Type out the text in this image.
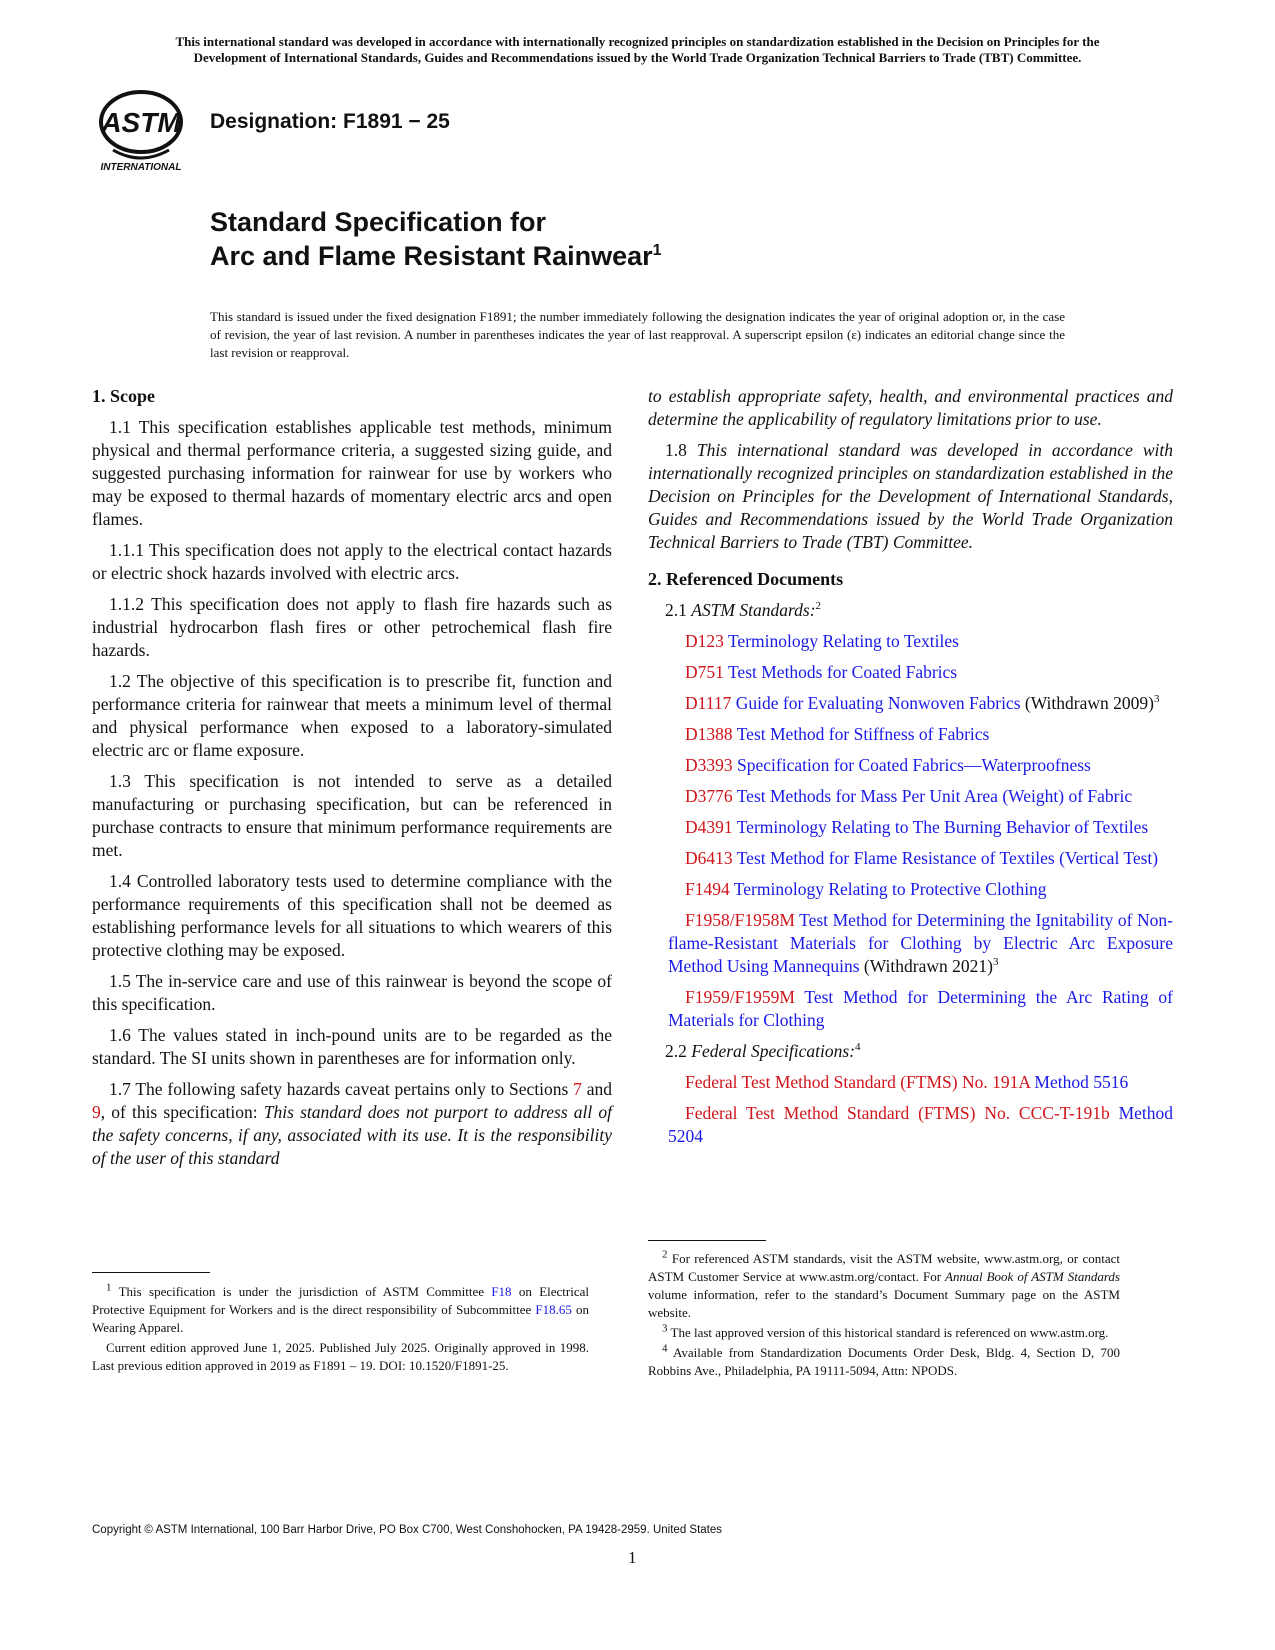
This international standard was developed in accordance with internationally recognized principles on standardization established in the Decision on Principles for the
Development of International Standards, Guides and Recommendations issued by the World Trade Organization Technical Barriers to Trade (TBT) Committee.
ASTM
INTERNATIONAL
Designation: F1891 − 25
Standard Specification for
Arc and Flame Resistant Rainwear$^1$
This standard is issued under the fixed designation F1891; the number immediately following the designation indicates the year of original adoption or, in the case of revision, the year of last revision. A number in parentheses indicates the year of last reapproval. A superscript epsilon (ε) indicates an editorial change since the last revision or reapproval.
1. Scope

1.1 This specification establishes applicable test methods, minimum physical and thermal performance criteria, a suggested sizing guide, and suggested purchasing information for rainwear for use by workers who may be exposed to thermal hazards of momentary electric arcs and open flames.

1.1.1 This specification does not apply to the electrical contact hazards or electric shock hazards involved with electric arcs.

1.1.2 This specification does not apply to flash fire hazards such as industrial hydrocarbon flash fires or other petrochemical flash fire hazards.

1.2 The objective of this specification is to prescribe fit, function and performance criteria for rainwear that meets a minimum level of thermal and physical performance when exposed to a laboratory-simulated electric arc or flame exposure.

1.3 This specification is not intended to serve as a detailed manufacturing or purchasing specification, but can be referenced in purchase contracts to ensure that minimum performance requirements are met.

1.4 Controlled laboratory tests used to determine compliance with the performance requirements of this specification shall not be deemed as establishing performance levels for all situations to which wearers of this protective clothing may be exposed.

1.5 The in-service care and use of this rainwear is beyond the scope of this specification.

1.6 The values stated in inch-pound units are to be regarded as the standard. The SI units shown in parentheses are for information only.

1.7 The following safety hazards caveat pertains only to Sections 7 and 9, of this specification: This standard does not purport to address all of the safety concerns, if any, associated with its use. It is the responsibility of the user of this standard

$^1$ This specification is under the jurisdiction of ASTM Committee F18 on Electrical Protective Equipment for Workers and is the direct responsibility of Subcommittee F18.65 on Wearing Apparel.

Current edition approved June 1, 2025. Published July 2025. Originally approved in 1998. Last previous edition approved in 2019 as F1891 – 19. DOI: 10.1520/F1891-25.

to establish appropriate safety, health, and environmental practices and determine the applicability of regulatory limitations prior to use.

1.8 This international standard was developed in accordance with internationally recognized principles on standardization established in the Decision on Principles for the Development of International Standards, Guides and Recommendations issued by the World Trade Organization Technical Barriers to Trade (TBT) Committee.

2. Referenced Documents

2.1 ASTM Standards:$^2$

D123 Terminology Relating to Textiles

D751 Test Methods for Coated Fabrics

D1117 Guide for Evaluating Nonwoven Fabrics (Withdrawn 2009)$^3$

D1388 Test Method for Stiffness of Fabrics

D3393 Specification for Coated Fabrics—Waterproofness

D3776 Test Methods for Mass Per Unit Area (Weight) of Fabric

D4391 Terminology Relating to The Burning Behavior of Textiles

D6413 Test Method for Flame Resistance of Textiles (Vertical Test)

F1494 Terminology Relating to Protective Clothing

F1958/F1958M Test Method for Determining the Ignitability of Non-flame-Resistant Materials for Clothing by Electric Arc Exposure Method Using Mannequins (Withdrawn 2021)$^3$

F1959/F1959M Test Method for Determining the Arc Rating of Materials for Clothing

2.2 Federal Specifications:$^4$

Federal Test Method Standard (FTMS) No. 191A Method 5516

Federal Test Method Standard (FTMS) No. CCC-T-191b Method 5204

$^2$ For referenced ASTM standards, visit the ASTM website, www.astm.org, or contact ASTM Customer Service at www.astm.org/contact. For Annual Book of ASTM Standards volume information, refer to the standard’s Document Summary page on the ASTM website.

$^3$ The last approved version of this historical standard is referenced on www.astm.org.

$^4$ Available from Standardization Documents Order Desk, Bldg. 4, Section D, 700 Robbins Ave., Philadelphia, PA 19111-5094, Attn: NPODS.

Copyright © ASTM International, 100 Barr Harbor Drive, PO Box C700, West Conshohocken, PA 19428-2959. United States
1
